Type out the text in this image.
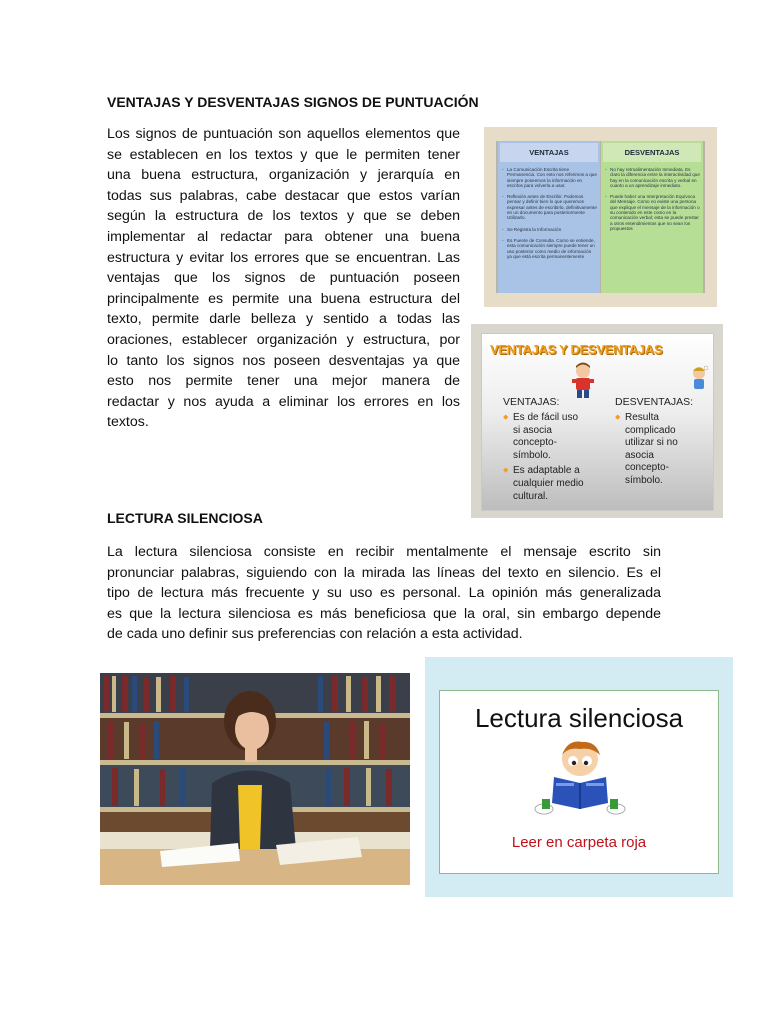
VENTAJAS Y DESVENTAJAS SIGNOS DE PUNTUACIÓN
Los signos de puntuación son aquellos elementos que
se establecen en los textos y que le permiten tener
una buena estructura, organización y jerarquía en
todas sus palabras, cabe destacar que estos varían
según la estructura de los textos y que se deben
implementar al redactar para obtener una buena
estructura y evitar los errores que se encuentran. Las
ventajas que los signos de puntuación poseen
principalmente es permite una buena estructura del
texto, permite darle belleza y sentido a todas las
oraciones, establecer organización y estructura, por
lo tanto los signos nos poseen desventajas ya que
esto nos permite tener una mejor manera de
redactar y nos ayuda a eliminar los errores en los
textos.
VENTAJAS
• La Comunicación Escrita tiene Permanencia. Con esto nos referimos a que siempre poseemos la información en escritos para volverla a usar.
• Reflexión antes de Escribir. Podemos pensar y definir bien lo que queremos expresar antes de escribirlo, definitivamente en un documento para posteriormente Utilizarlo.
• Se Registra la Información
• Es Fuente de Consulta. Como se entiende, esta comunicación siempre puede tener un uso posterior como medio de información ya que está escrita permanentemente
DESVENTAJAS
• No hay retroalimentación Inmediata. Es claro la diferencia entre la interactividad que hay en la comunicación escrita y verbal en cuanto a un aprendizaje inmediato.
• Puede haber una Interpretación Equívoca del Mensaje. Como no existe una persona que explique el mensaje de la información o su contenido en este como en la comunicación verbal; esta se puede prestar a otros entendimientos que no sean los propuestos
VENTAJAS Y DESVENTAJAS
VENTAJAS:
◆ Es de fácil uso
si asocia
concepto-
símbolo.
◆ Es adaptable a
cualquier medio
cultural.
DESVENTAJAS:
◆ Resulta
complicado
utilizar si no
asocia
concepto-
símbolo.
LECTURA SILENCIOSA
La lectura silenciosa consiste en recibir mentalmente el mensaje escrito sin
pronunciar palabras, siguiendo con la mirada las líneas del texto en silencio. Es el
tipo de lectura más frecuente y su uso es personal. La opinión más generalizada
es que la lectura silenciosa es más beneficiosa que la oral, sin embargo depende
de cada uno definir sus preferencias con relación a esta actividad.
Lectura silenciosa
Leer en carpeta roja
